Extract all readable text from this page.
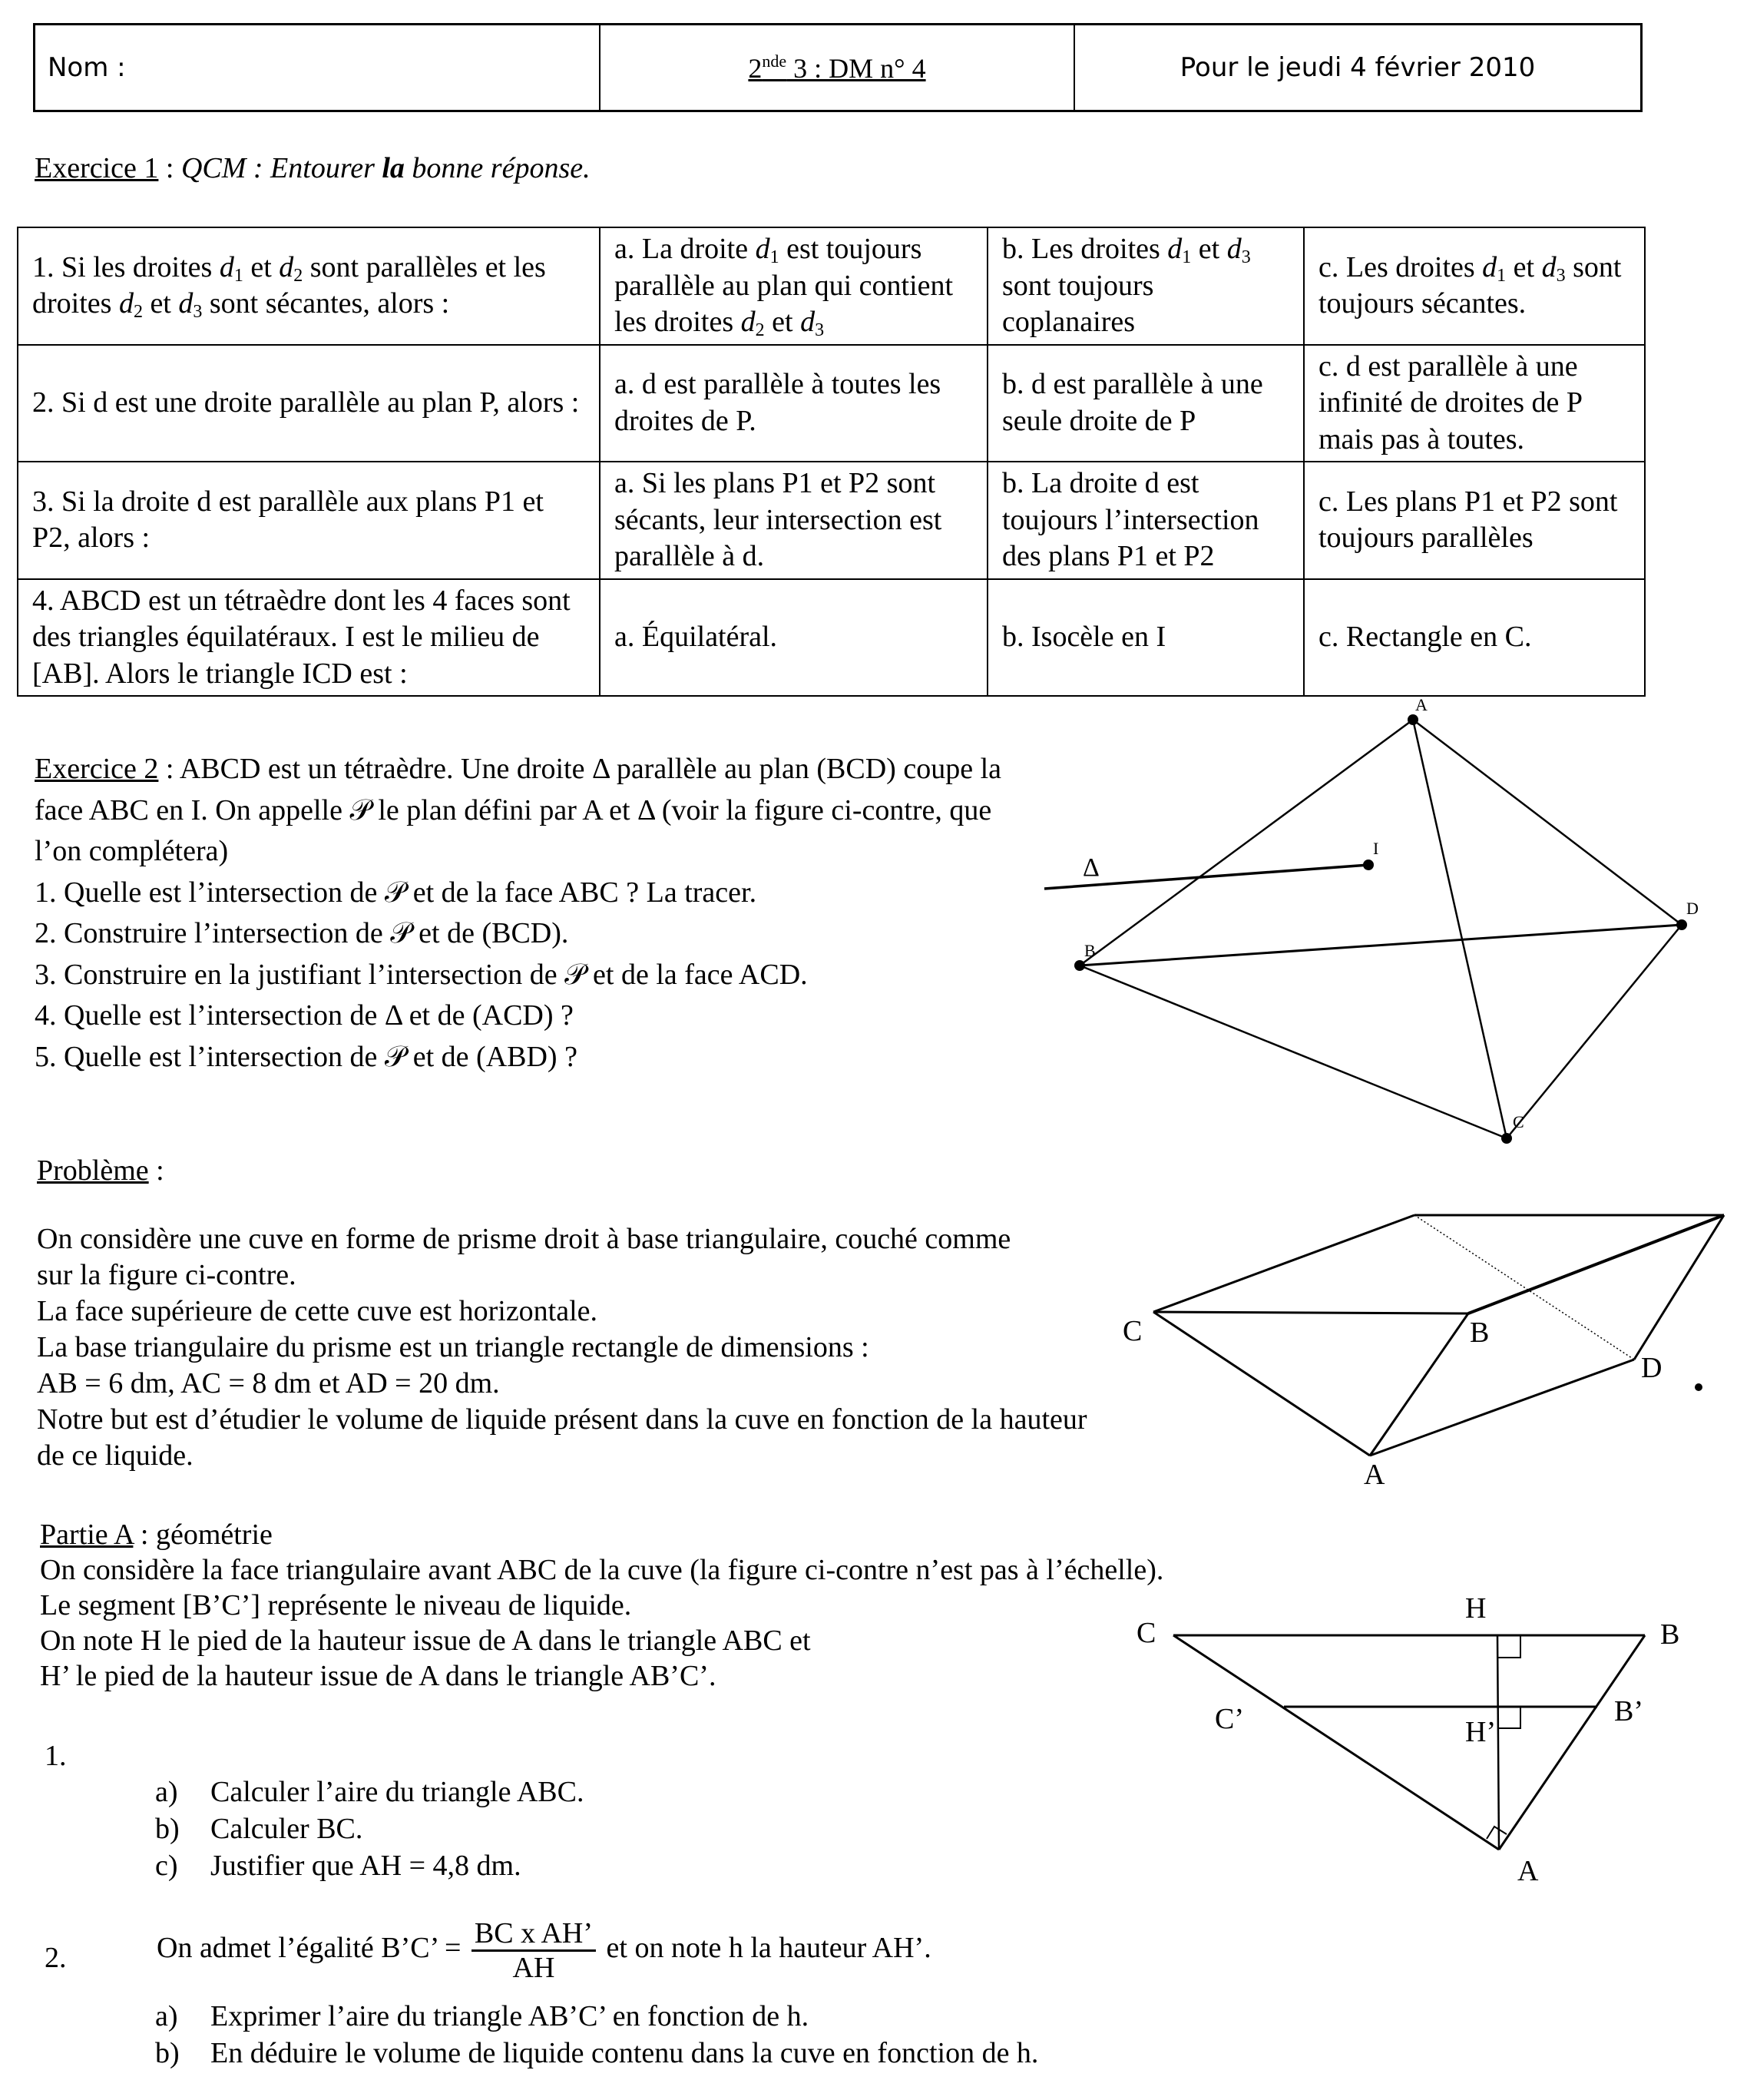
Nom :	2nde 3 : DM n° 4	Pour le jeudi 4 février 2010
Exercice 1 : QCM : Entourer la bonne réponse.
1. Si les droites $d_1$ et $d_2$ sont parallèles et les droites $d_2$ et $d_3$ sont sécantes, alors :	a. La droite $d_1$ est toujours parallèle au plan qui contient les droites $d_2$ et $d_3$	b. Les droites $d_1$ et $d_3$ sont toujours coplanaires	c. Les droites $d_1$ et $d_3$ sont toujours sécantes.
2. Si d est une droite parallèle au plan P, alors :	a. d est parallèle à toutes les droites de P.	b. d est parallèle à une seule droite de P	c. d est parallèle à une infinité de droites de P mais pas à toutes.
3. Si la droite d est parallèle aux plans P1 et P2, alors :	a. Si les plans P1 et P2 sont sécants, leur intersection est parallèle à d.	b. La droite d est toujours l’intersection des plans P1 et P2	c. Les plans P1 et P2 sont toujours parallèles
4. ABCD est un tétraèdre dont les 4 faces sont des triangles équilatéraux. I est le milieu de [AB]. Alors le triangle ICD est :	a. Équilatéral.	b. Isocèle en I	c. Rectangle en C.
Exercice 2 : ABCD est un tétraèdre. Une droite Δ parallèle au plan (BCD) coupe la face ABC en I. On appelle 𝒫 le plan défini par A et Δ (voir la figure ci-contre, que l’on complétera)
1. Quelle est l’intersection de 𝒫 et de la face ABC ? La tracer.
2. Construire l’intersection de 𝒫 et de (BCD).
3. Construire en la justifiant l’intersection de 𝒫 et de la face ACD.
4. Quelle est l’intersection de Δ et de (ACD) ?
5. Quelle est l’intersection de 𝒫 et de (ABD) ?
A
B
D
C
I
Δ
Problème :
On considère une cuve en forme de prisme droit à base triangulaire, couché comme sur la figure ci-contre.
La face supérieure de cette cuve est horizontale.
La base triangulaire du prisme est un triangle rectangle de dimensions :
AB = 6 dm, AC = 8 dm et AD = 20 dm.
Notre but est d’étudier le volume de liquide présent dans la cuve en fonction de la hauteur de ce liquide.
C	B
D
A
Partie A : géométrie
On considère la face triangulaire avant ABC de la cuve (la figure ci-contre n’est pas à l’échelle).
Le segment [B’C’] représente le niveau de liquide.
On note H le pied de la hauteur issue de A dans le triangle ABC et
H’ le pied de la hauteur issue de A dans le triangle AB’C’.
1.
a) Calculer l’aire du triangle ABC.
b) Calculer BC.
c) Justifier que AH = 4,8 dm.
2.	On admet l’égalité B’C’ = $\frac{\text{BC x AH’}}{AH}$ et on note h la hauteur AH’.
a) Exprimer l’aire du triangle AB’C’ en fonction de h.
b) En déduire le volume de liquide contenu dans la cuve en fonction de h.
C
H
B
C’	B’
H’
A
